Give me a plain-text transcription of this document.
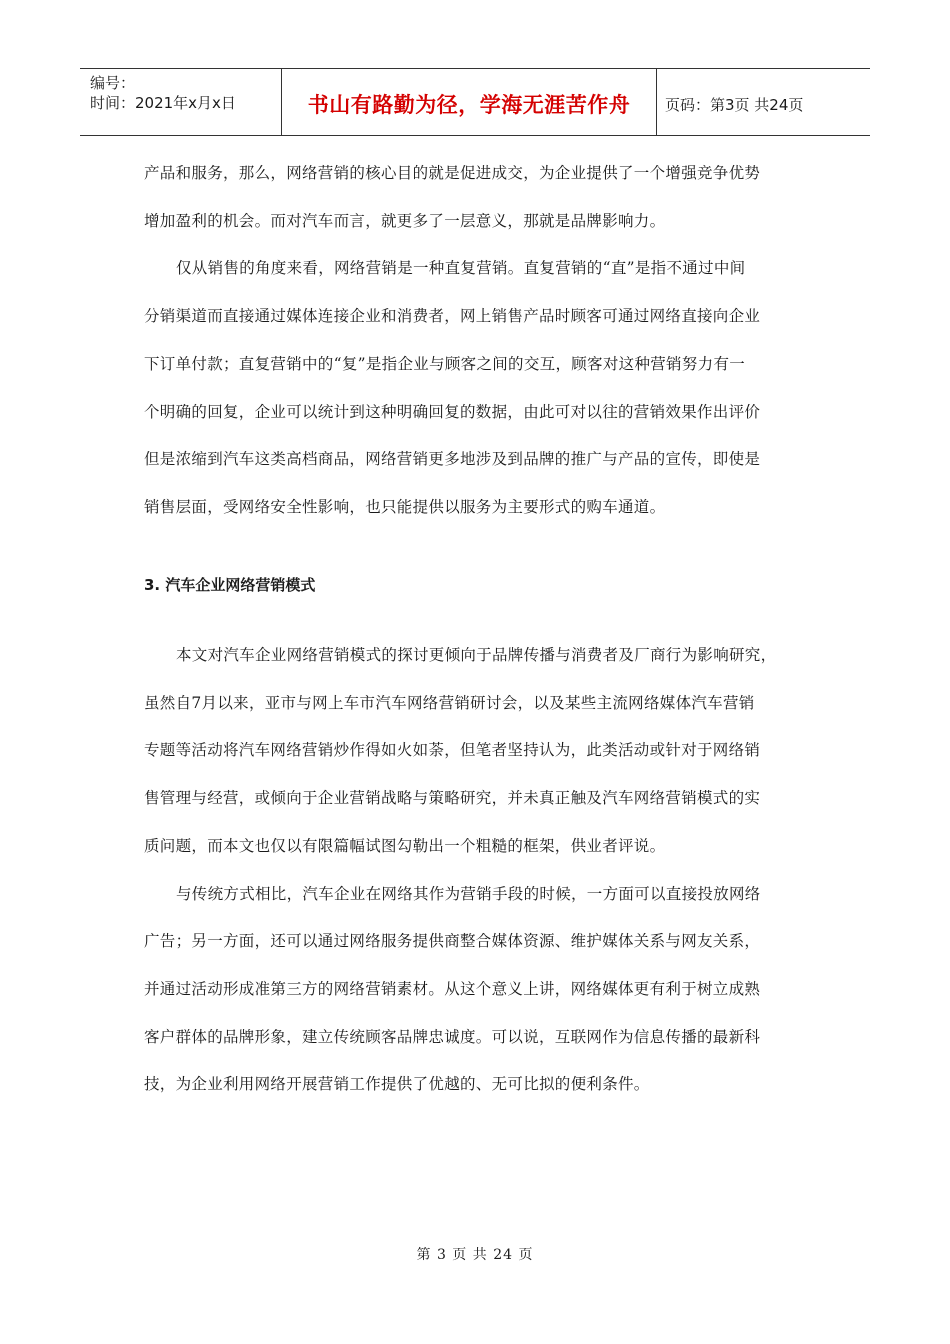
编号：
时间：2021年x月x日	书山有路勤为径，学海无涯苦作舟	页码：第3页 共24页

产品和服务，那么，网络营销的核心目的就是促进成交，为企业提供了一个增强竞争优势
增加盈利的机会。而对汽车而言，就更多了一层意义，那就是品牌影响力。

仅从销售的角度来看，网络营销是一种直复营销。直复营销的“直”是指不通过中间
分销渠道而直接通过媒体连接企业和消费者，网上销售产品时顾客可通过网络直接向企业
下订单付款；直复营销中的“复”是指企业与顾客之间的交互，顾客对这种营销努力有一
个明确的回复，企业可以统计到这种明确回复的数据，由此可对以往的营销效果作出评价
但是浓缩到汽车这类高档商品，网络营销更多地涉及到品牌的推广与产品的宣传，即使是
销售层面，受网络安全性影响，也只能提供以服务为主要形式的购车通道。

3. 汽车企业网络营销模式

本文对汽车企业网络营销模式的探讨更倾向于品牌传播与消费者及厂商行为影响研究，
虽然自7月以来，亚市与网上车市汽车网络营销研讨会，以及某些主流网络媒体汽车营销
专题等活动将汽车网络营销炒作得如火如荼，但笔者坚持认为，此类活动或针对于网络销
售管理与经营，或倾向于企业营销战略与策略研究，并未真正触及汽车网络营销模式的实
质问题，而本文也仅以有限篇幅试图勾勒出一个粗糙的框架，供业者评说。

与传统方式相比，汽车企业在网络其作为营销手段的时候，一方面可以直接投放网络
广告；另一方面，还可以通过网络服务提供商整合媒体资源、维护媒体关系与网友关系，
并通过活动形成准第三方的网络营销素材。从这个意义上讲，网络媒体更有利于树立成熟
客户群体的品牌形象，建立传统顾客品牌忠诚度。可以说，互联网作为信息传播的最新科
技，为企业利用网络开展营销工作提供了优越的、无可比拟的便利条件。

第 3 页 共 24 页
